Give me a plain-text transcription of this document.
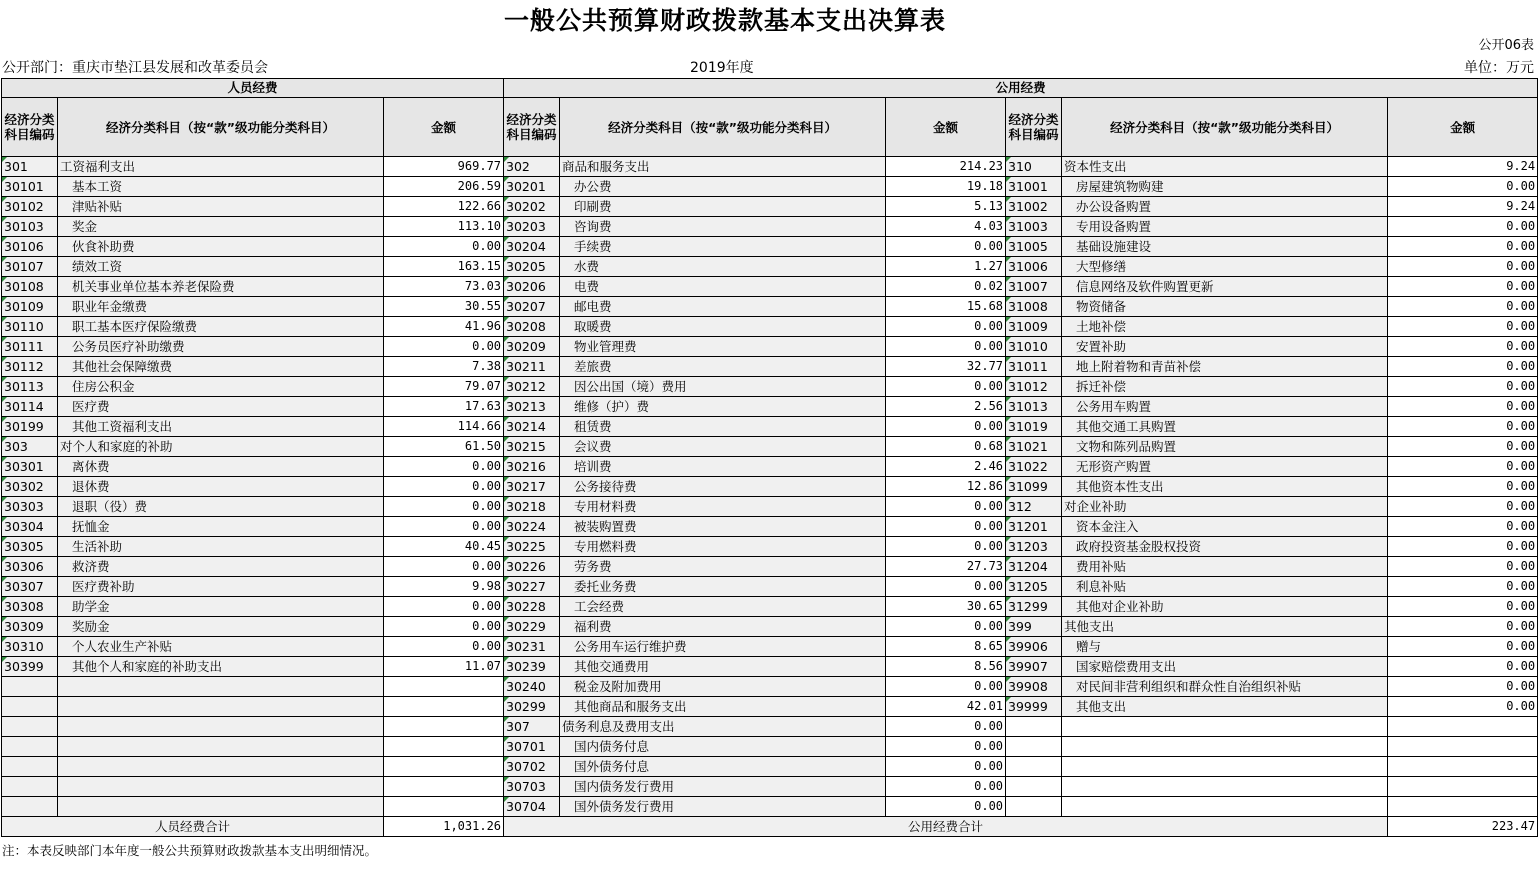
一般公共预算财政拨款基本支出决算表
公开06表
公开部门：重庆市垫江县发展和改革委员会	2019年度	单位：万元
人员经费			公用经费					
经济分类科目编码	经济分类科目（按“款”级功能分类科目）	金额	经济分类科目编码	经济分类科目（按“款”级功能分类科目）	金额	经济分类科目编码	经济分类科目（按“款”级功能分类科目）	金额
301	工资福利支出	969.77	302	商品和服务支出	214.23	310	资本性支出	9.24
30101	基本工资	206.59	30201	办公费	19.18	31001	房屋建筑物购建	0.00
30102	津贴补贴	122.66	30202	印刷费	5.13	31002	办公设备购置	9.24
30103	奖金	113.10	30203	咨询费	4.03	31003	专用设备购置	0.00
30106	伙食补助费	0.00	30204	手续费	0.00	31005	基础设施建设	0.00
30107	绩效工资	163.15	30205	水费	1.27	31006	大型修缮	0.00
30108	机关事业单位基本养老保险费	73.03	30206	电费	0.02	31007	信息网络及软件购置更新	0.00
30109	职业年金缴费	30.55	30207	邮电费	15.68	31008	物资储备	0.00
30110	职工基本医疗保险缴费	41.96	30208	取暖费	0.00	31009	土地补偿	0.00
30111	公务员医疗补助缴费	0.00	30209	物业管理费	0.00	31010	安置补助	0.00
30112	其他社会保障缴费	7.38	30211	差旅费	32.77	31011	地上附着物和青苗补偿	0.00
30113	住房公积金	79.07	30212	因公出国（境）费用	0.00	31012	拆迁补偿	0.00
30114	医疗费	17.63	30213	维修（护）费	2.56	31013	公务用车购置	0.00
30199	其他工资福利支出	114.66	30214	租赁费	0.00	31019	其他交通工具购置	0.00
303	对个人和家庭的补助	61.50	30215	会议费	0.68	31021	文物和陈列品购置	0.00
30301	离休费	0.00	30216	培训费	2.46	31022	无形资产购置	0.00
30302	退休费	0.00	30217	公务接待费	12.86	31099	其他资本性支出	0.00
30303	退职（役）费	0.00	30218	专用材料费	0.00	312	对企业补助	0.00
30304	抚恤金	0.00	30224	被装购置费	0.00	31201	资本金注入	0.00
30305	生活补助	40.45	30225	专用燃料费	0.00	31203	政府投资基金股权投资	0.00
30306	救济费	0.00	30226	劳务费	27.73	31204	费用补贴	0.00
30307	医疗费补助	9.98	30227	委托业务费	0.00	31205	利息补贴	0.00
30308	助学金	0.00	30228	工会经费	30.65	31299	其他对企业补助	0.00
30309	奖励金	0.00	30229	福利费	0.00	399	其他支出	0.00
30310	个人农业生产补贴	0.00	30231	公务用车运行维护费	8.65	39906	赠与	0.00
30399	其他个人和家庭的补助支出	11.07	30239	其他交通费用	8.56	39907	国家赔偿费用支出	0.00
			30240	税金及附加费用	0.00	39908	对民间非营利组织和群众性自治组织补贴	0.00
			30299	其他商品和服务支出	42.01	39999	其他支出	0.00
			307	债务利息及费用支出	0.00			
			30701	国内债务付息	0.00			
			30702	国外债务付息	0.00			
			30703	国内债务发行费用	0.00			
			30704	国外债务发行费用	0.00			
人员经费合计		1,031.26	公用经费合计					223.47
注：本表反映部门本年度一般公共预算财政拨款基本支出明细情况。
